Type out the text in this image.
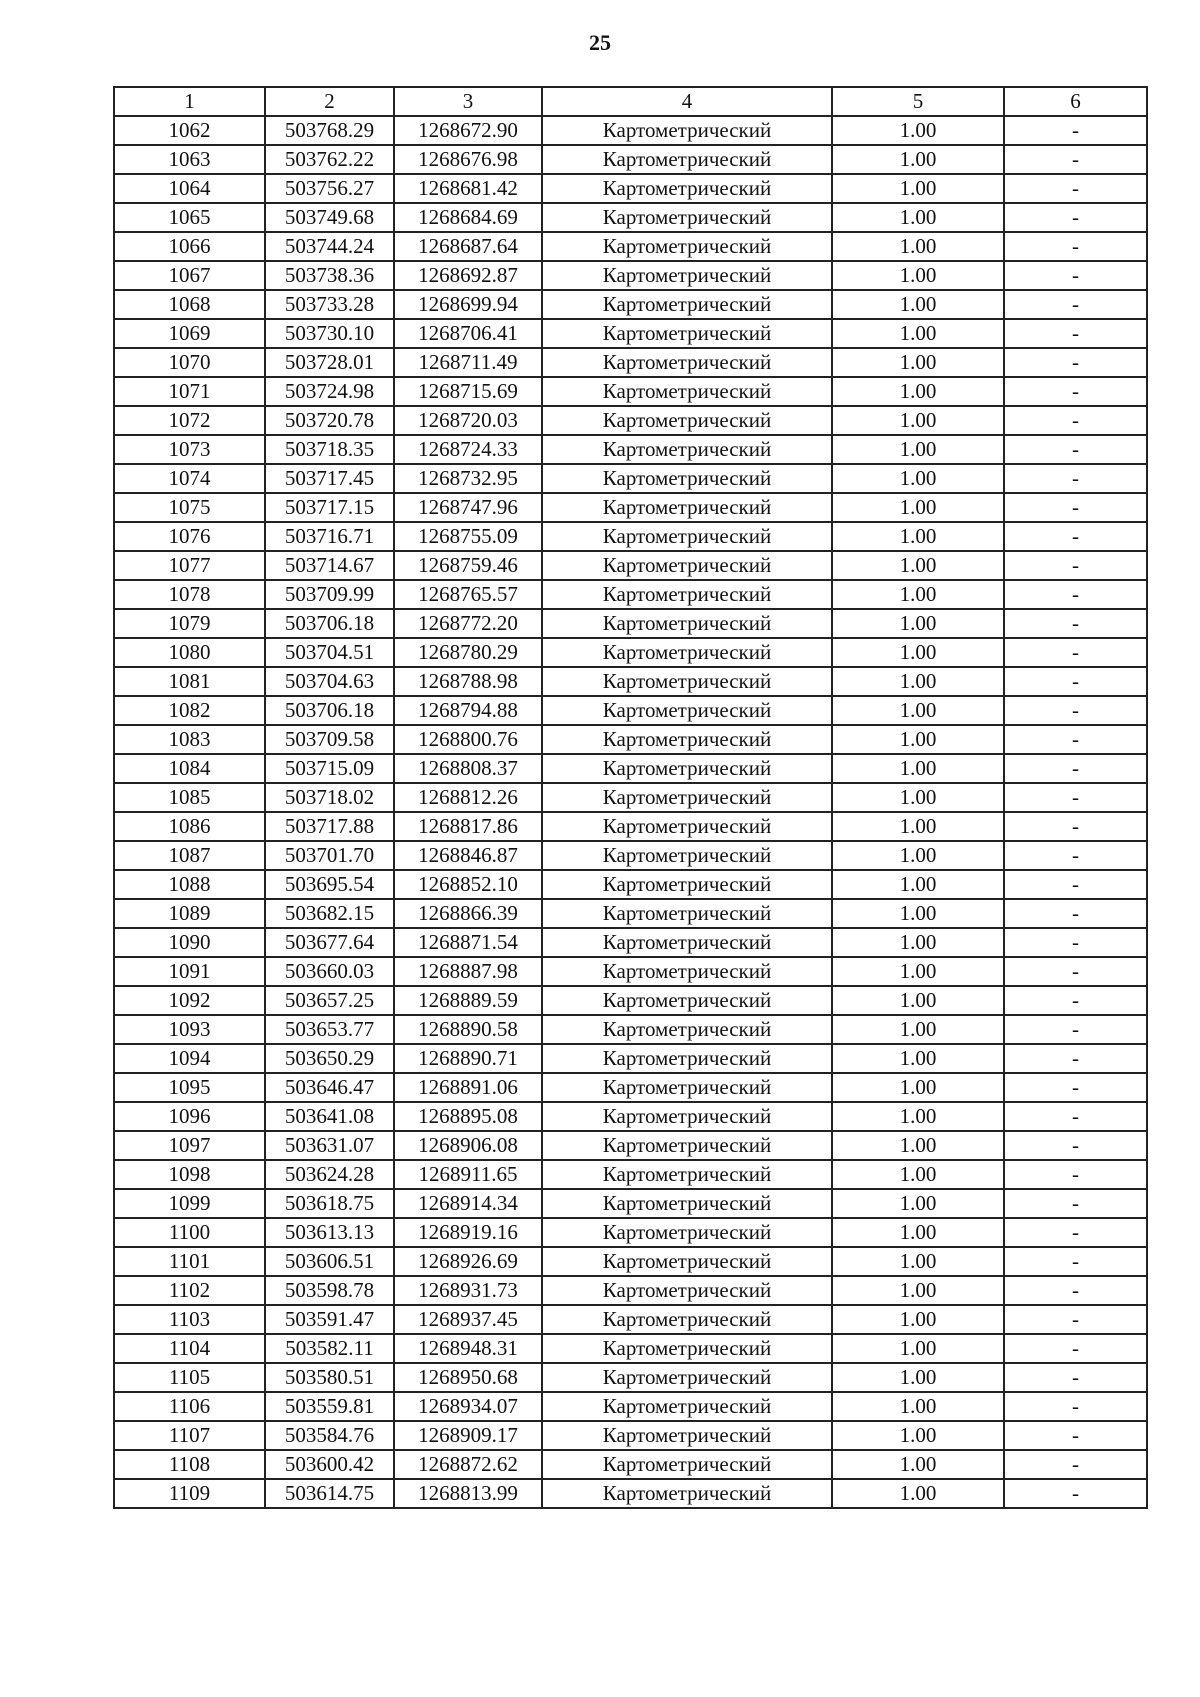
25
1	2	3	4	5	6
1062	503768.29	1268672.90	Картометрический	1.00	-
1063	503762.22	1268676.98	Картометрический	1.00	-
1064	503756.27	1268681.42	Картометрический	1.00	-
1065	503749.68	1268684.69	Картометрический	1.00	-
1066	503744.24	1268687.64	Картометрический	1.00	-
1067	503738.36	1268692.87	Картометрический	1.00	-
1068	503733.28	1268699.94	Картометрический	1.00	-
1069	503730.10	1268706.41	Картометрический	1.00	-
1070	503728.01	1268711.49	Картометрический	1.00	-
1071	503724.98	1268715.69	Картометрический	1.00	-
1072	503720.78	1268720.03	Картометрический	1.00	-
1073	503718.35	1268724.33	Картометрический	1.00	-
1074	503717.45	1268732.95	Картометрический	1.00	-
1075	503717.15	1268747.96	Картометрический	1.00	-
1076	503716.71	1268755.09	Картометрический	1.00	-
1077	503714.67	1268759.46	Картометрический	1.00	-
1078	503709.99	1268765.57	Картометрический	1.00	-
1079	503706.18	1268772.20	Картометрический	1.00	-
1080	503704.51	1268780.29	Картометрический	1.00	-
1081	503704.63	1268788.98	Картометрический	1.00	-
1082	503706.18	1268794.88	Картометрический	1.00	-
1083	503709.58	1268800.76	Картометрический	1.00	-
1084	503715.09	1268808.37	Картометрический	1.00	-
1085	503718.02	1268812.26	Картометрический	1.00	-
1086	503717.88	1268817.86	Картометрический	1.00	-
1087	503701.70	1268846.87	Картометрический	1.00	-
1088	503695.54	1268852.10	Картометрический	1.00	-
1089	503682.15	1268866.39	Картометрический	1.00	-
1090	503677.64	1268871.54	Картометрический	1.00	-
1091	503660.03	1268887.98	Картометрический	1.00	-
1092	503657.25	1268889.59	Картометрический	1.00	-
1093	503653.77	1268890.58	Картометрический	1.00	-
1094	503650.29	1268890.71	Картометрический	1.00	-
1095	503646.47	1268891.06	Картометрический	1.00	-
1096	503641.08	1268895.08	Картометрический	1.00	-
1097	503631.07	1268906.08	Картометрический	1.00	-
1098	503624.28	1268911.65	Картометрический	1.00	-
1099	503618.75	1268914.34	Картометрический	1.00	-
1100	503613.13	1268919.16	Картометрический	1.00	-
1101	503606.51	1268926.69	Картометрический	1.00	-
1102	503598.78	1268931.73	Картометрический	1.00	-
1103	503591.47	1268937.45	Картометрический	1.00	-
1104	503582.11	1268948.31	Картометрический	1.00	-
1105	503580.51	1268950.68	Картометрический	1.00	-
1106	503559.81	1268934.07	Картометрический	1.00	-
1107	503584.76	1268909.17	Картометрический	1.00	-
1108	503600.42	1268872.62	Картометрический	1.00	-
1109	503614.75	1268813.99	Картометрический	1.00	-
